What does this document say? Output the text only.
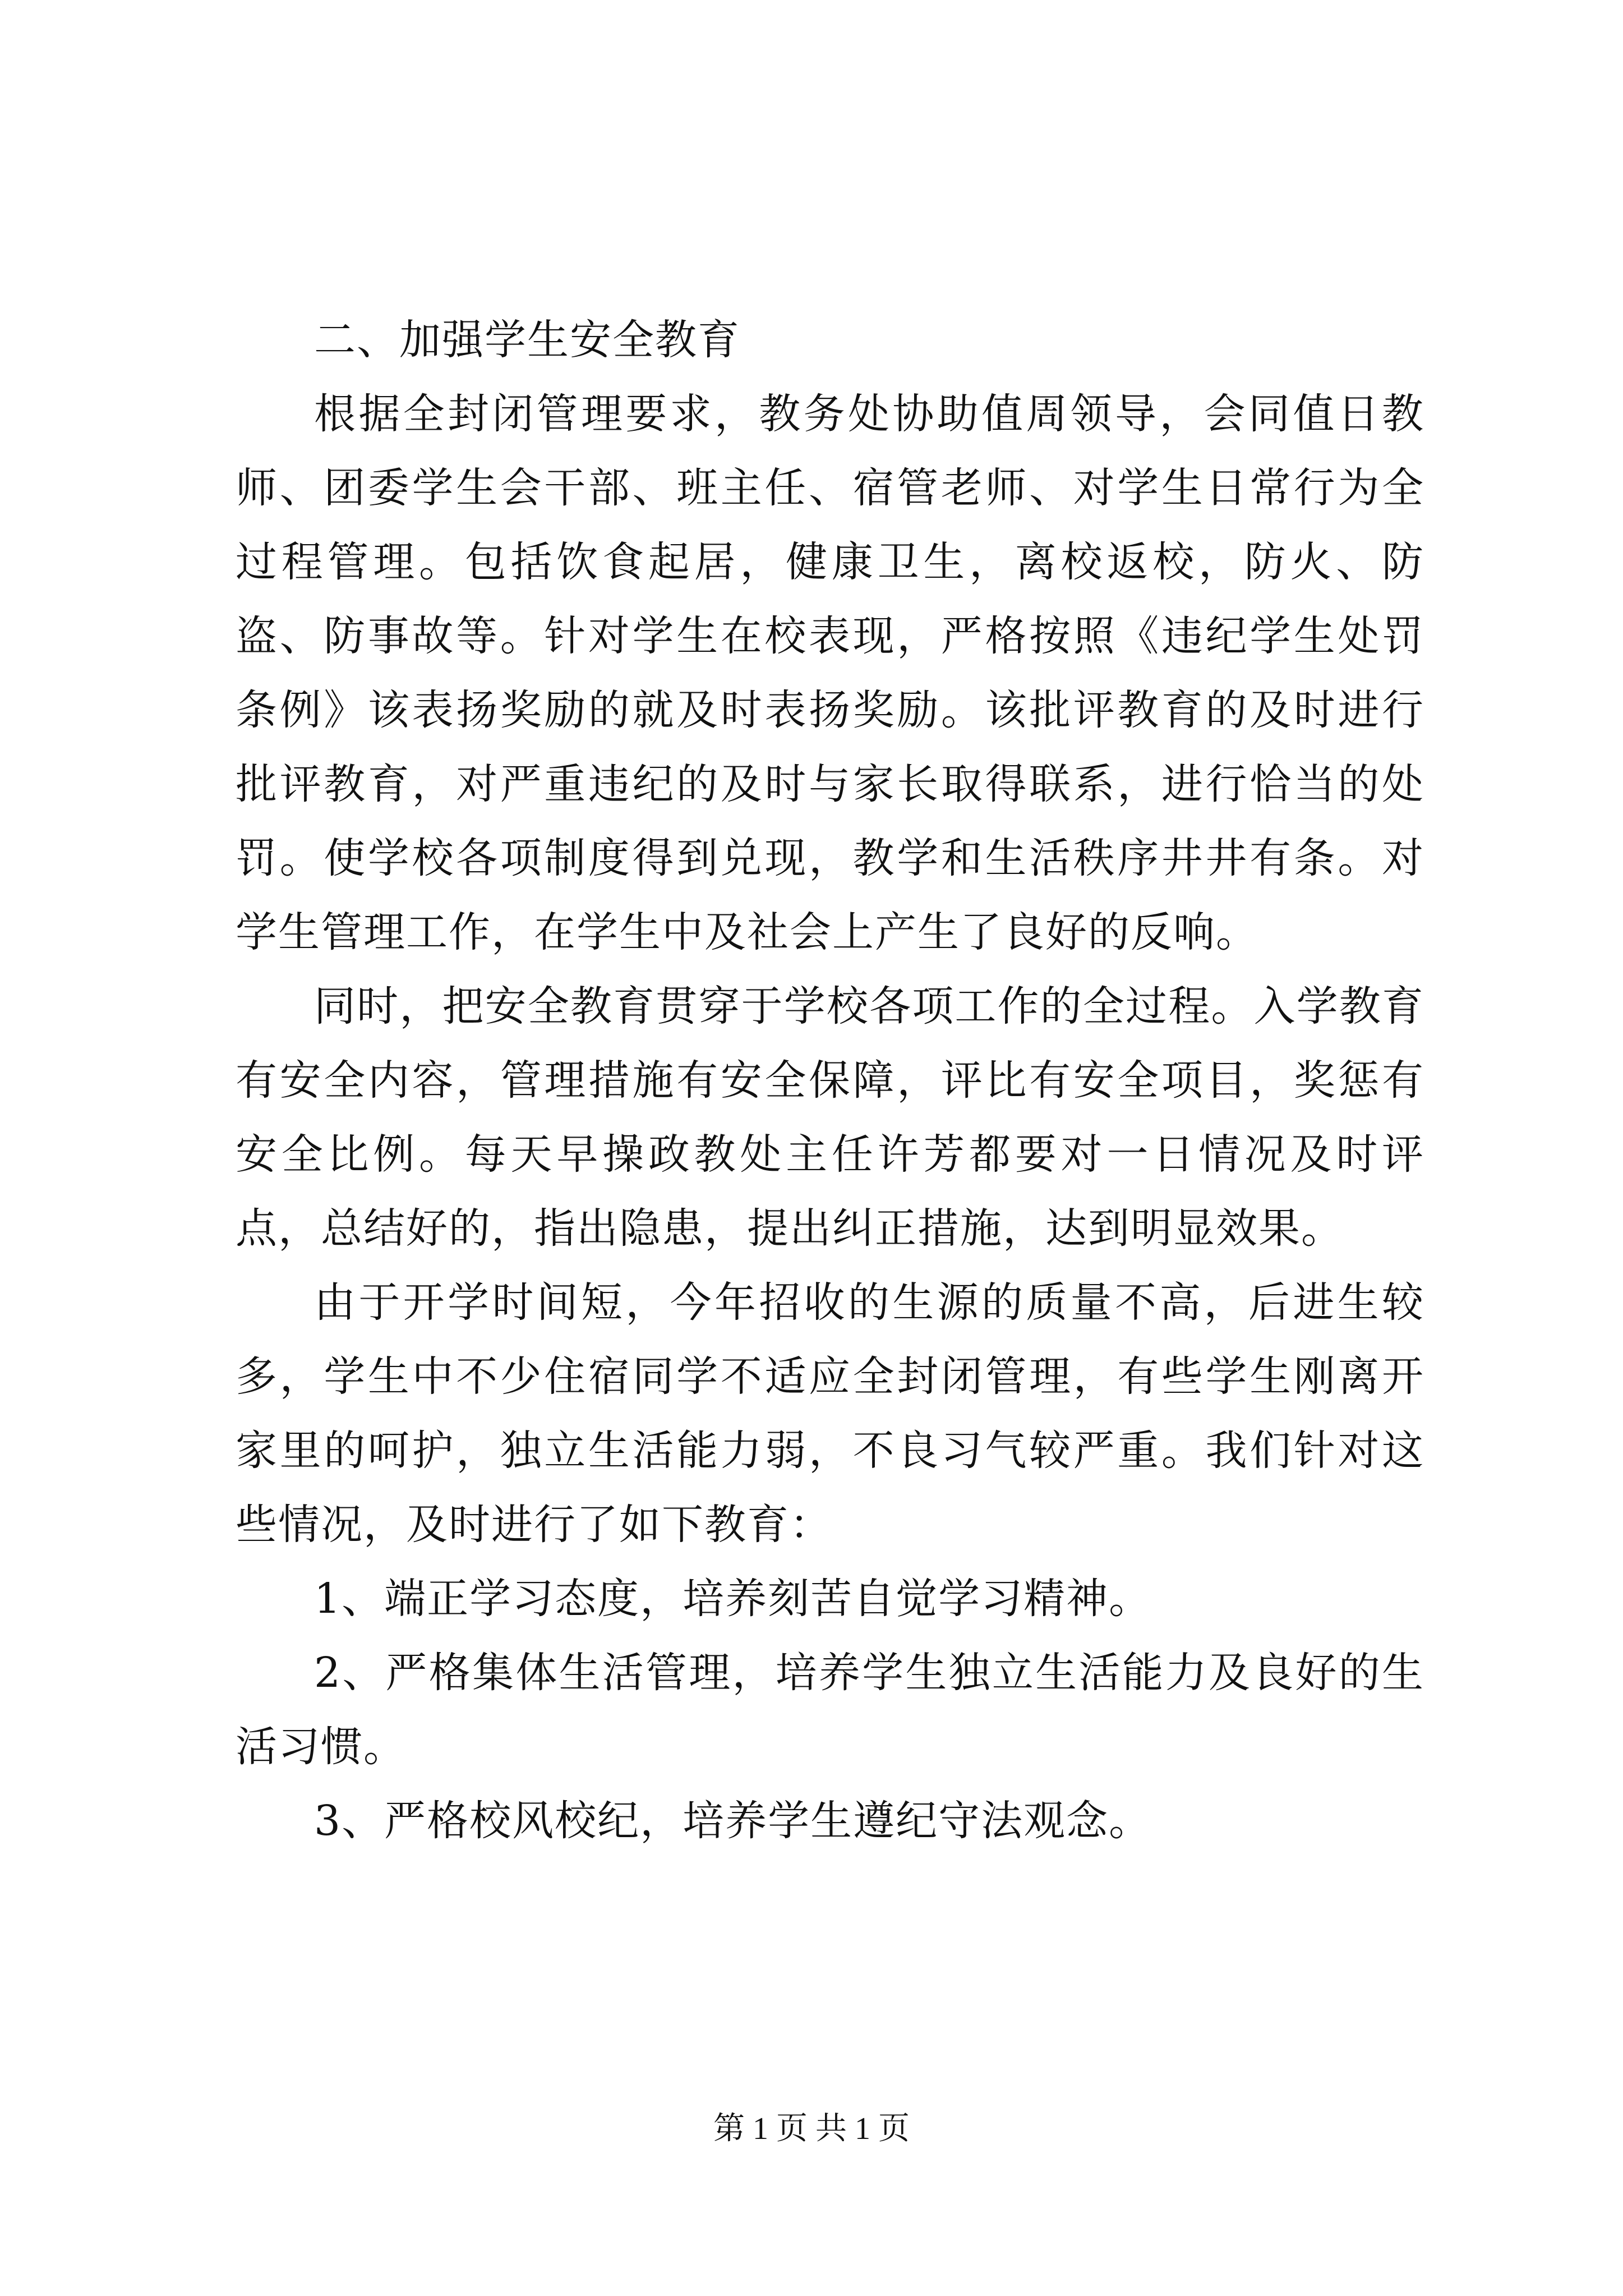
二、加强学生安全教育

根据全封闭管理要求，教务处协助值周领导，会同值日教师、团委学生会干部、班主任、宿管老师、对学生日常行为全过程管理。包括饮食起居，健康卫生，离校返校，防火、防盗、防事故等。针对学生在校表现，严格按照《违纪学生处罚条例》该表扬奖励的就及时表扬奖励。该批评教育的及时进行批评教育，对严重违纪的及时与家长取得联系，进行恰当的处罚。使学校各项制度得到兑现，教学和生活秩序井井有条。对学生管理工作，在学生中及社会上产生了良好的反响。

同时，把安全教育贯穿于学校各项工作的全过程。入学教育有安全内容，管理措施有安全保障，评比有安全项目，奖惩有安全比例。每天早操政教处主任许芳都要对一日情况及时评点，总结好的，指出隐患，提出纠正措施，达到明显效果。

由于开学时间短，今年招收的生源的质量不高，后进生较多，学生中不少住宿同学不适应全封闭管理，有些学生刚离开家里的呵护，独立生活能力弱，不良习气较严重。我们针对这些情况，及时进行了如下教育：

1、端正学习态度，培养刻苦自觉学习精神。

2、严格集体生活管理，培养学生独立生活能力及良好的生活习惯。

3、严格校风校纪，培养学生遵纪守法观念。

第 1 页 共 1 页
